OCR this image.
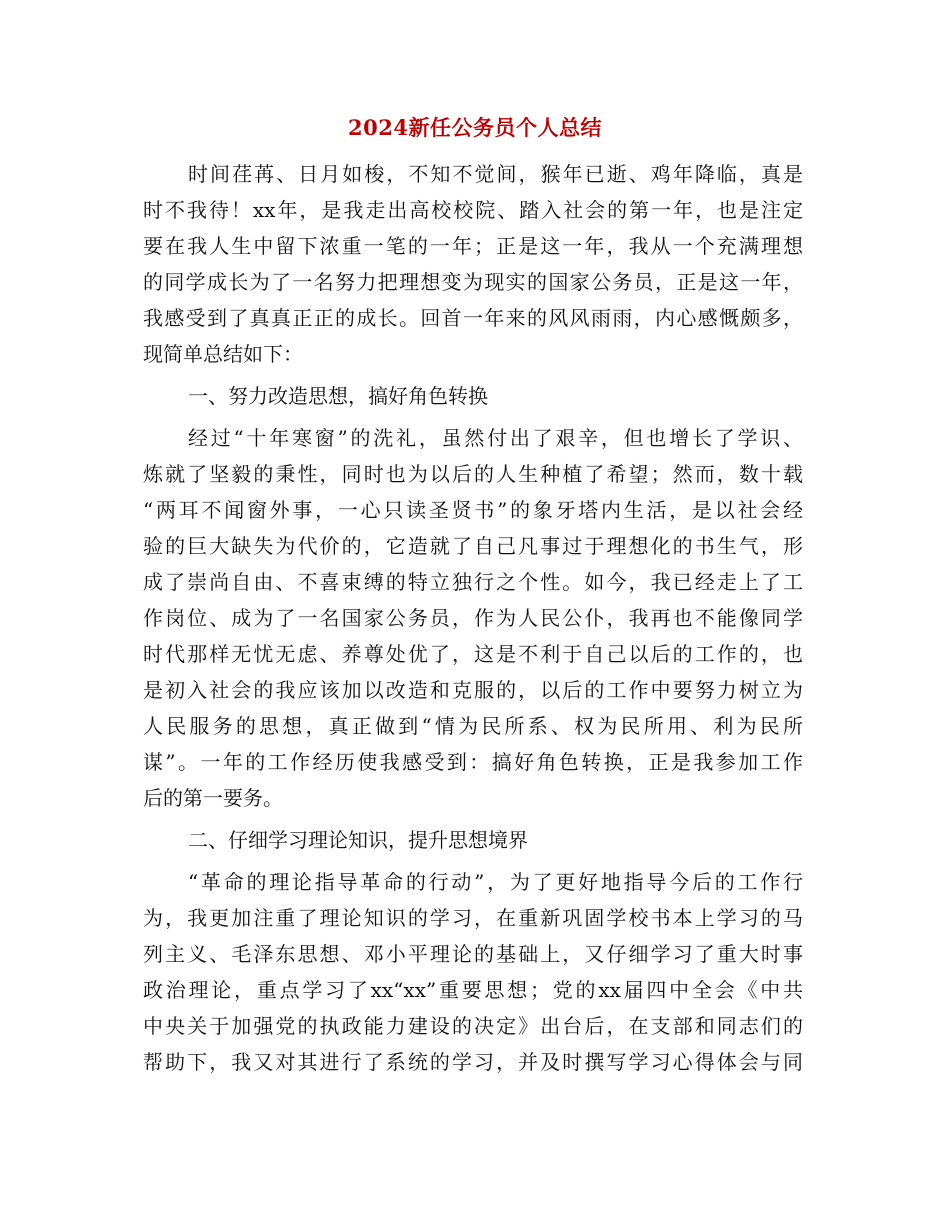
2024新任公务员个人总结
时间荏苒、日月如梭，不知不觉间，猴年已逝、鸡年降临，真是
时不我待！xx年，是我走出高校校院、踏入社会的第一年，也是注定
要在我人生中留下浓重一笔的一年；正是这一年，我从一个充满理想
的同学成长为了一名努力把理想变为现实的国家公务员，正是这一年，
我感受到了真真正正的成长。回首一年来的风风雨雨，内心感慨颇多，
现简单总结如下：
一、努力改造思想，搞好角色转换
经过“十年寒窗”的洗礼，虽然付出了艰辛，但也增长了学识、
炼就了坚毅的秉性，同时也为以后的人生种植了希望；然而，数十载
“两耳不闻窗外事，一心只读圣贤书”的象牙塔内生活，是以社会经
验的巨大缺失为代价的，它造就了自己凡事过于理想化的书生气，形
成了崇尚自由、不喜束缚的特立独行之个性。如今，我已经走上了工
作岗位、成为了一名国家公务员，作为人民公仆，我再也不能像同学
时代那样无忧无虑、养尊处优了，这是不利于自己以后的工作的，也
是初入社会的我应该加以改造和克服的，以后的工作中要努力树立为
人民服务的思想，真正做到“情为民所系、权为民所用、利为民所
谋”。一年的工作经历使我感受到：搞好角色转换，正是我参加工作
后的第一要务。
二、仔细学习理论知识，提升思想境界
“革命的理论指导革命的行动”，为了更好地指导今后的工作行
为，我更加注重了理论知识的学习，在重新巩固学校书本上学习的马
列主义、毛泽东思想、邓小平理论的基础上，又仔细学习了重大时事
政治理论，重点学习了xx“xx”重要思想；党的xx届四中全会《中共
中央关于加强党的执政能力建设的决定》出台后，在支部和同志们的
帮助下，我又对其进行了系统的学习，并及时撰写学习心得体会与同
